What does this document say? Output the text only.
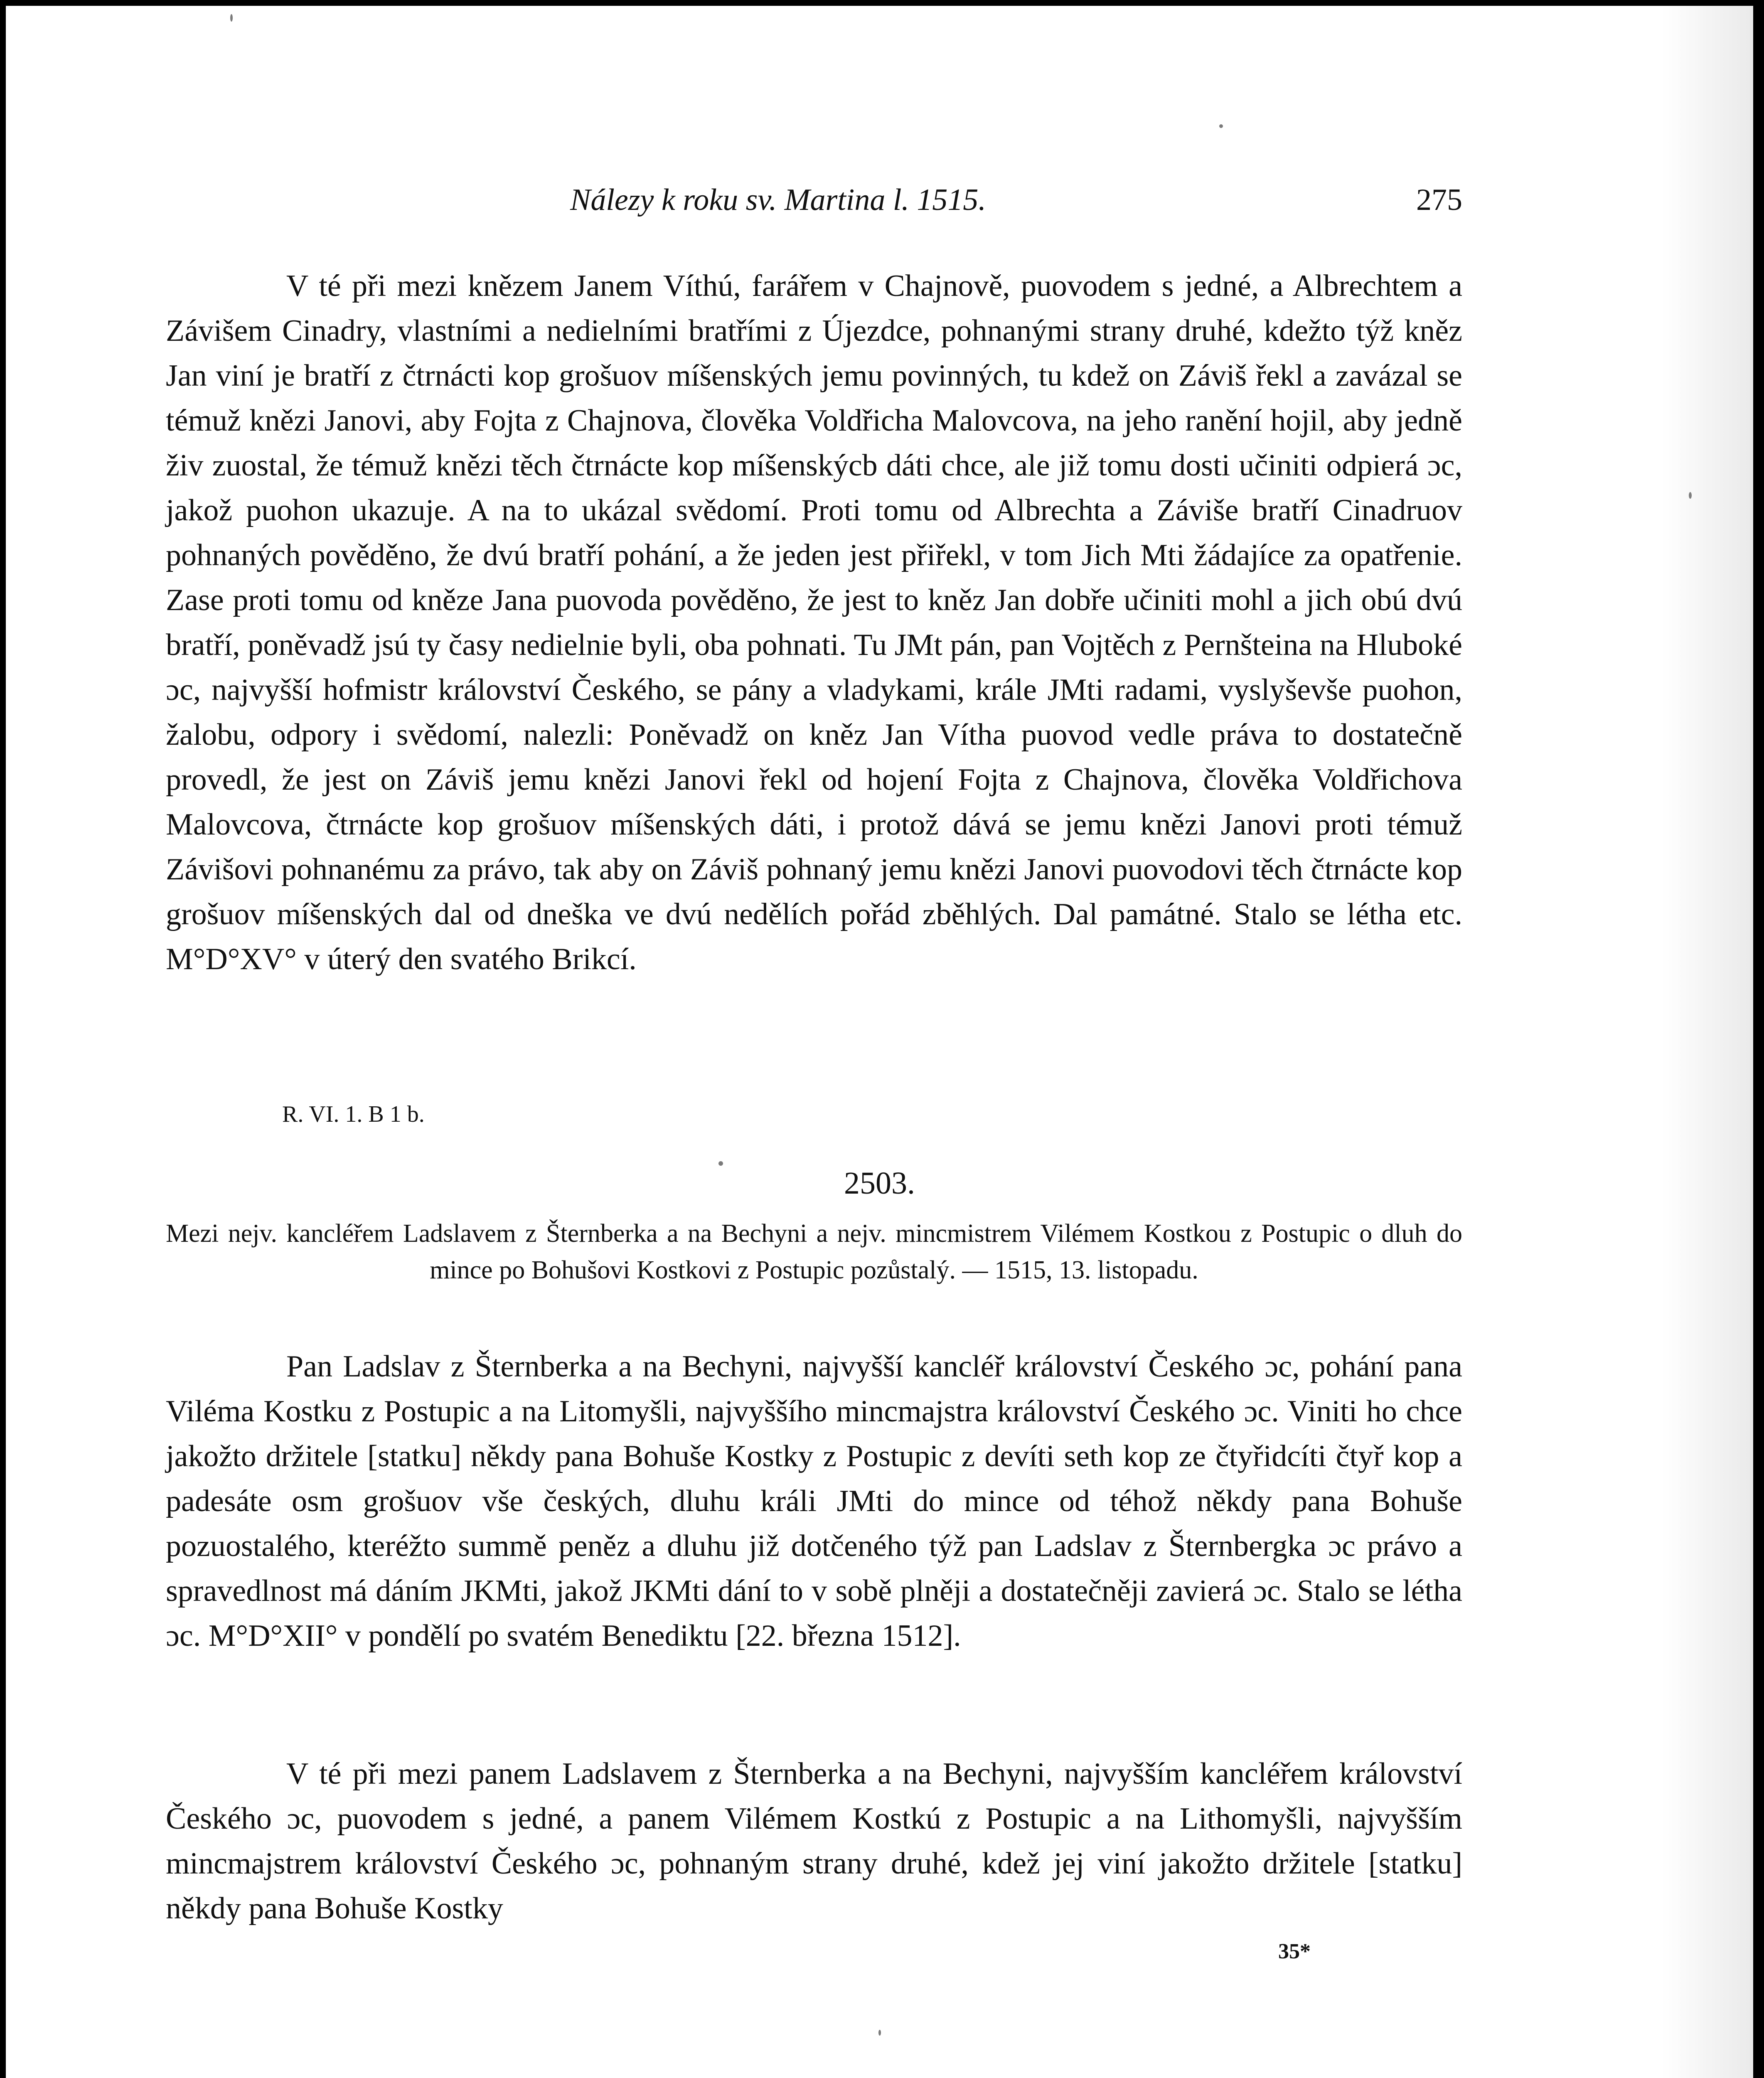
Nálezy k roku sv. Martina l. 1515.	275

V té při mezi knězem Janem Víthú, farářem v Chajnově, puovodem s jedné, a Albrechtem a Závišem Cinadry, vlastními a nedielními bratřími z Újezdce, pohnanými strany druhé, kdežto týž kněz Jan viní je bratří z čtrnácti kop grošuov míšenských jemu povinných, tu kdež on Záviš řekl a zavázal se témuž knězi Janovi, aby Fojta z Chajnova, člověka Voldřicha Malovcova, na jeho ranění hojil, aby jedně živ zuostal, že témuž knězi těch čtrnácte kop míšenskýcb dáti chce, ale již tomu dosti učiniti odpierá ɔc, jakož puohon ukazuje. A na to ukázal svědomí. Proti tomu od Albrechta a Záviše bratří Cinadruov pohnaných pověděno, že dvú bratří pohání, a že jeden jest přiřekl, v tom Jich Mti žádajíce za opatřenie. Zase proti tomu od kněze Jana puovoda pověděno, že jest to kněz Jan dobře učiniti mohl a jich obú dvú bratří, poněvadž jsú ty časy nedielnie byli, oba pohnati. Tu JMt pán, pan Vojtěch z Pernšteina na Hluboké ɔc, najvyšší hofmistr království Českého, se pány a vladykami, krále JMti radami, vyslyševše puohon, žalobu, odpory i svědomí, nalezli: Poněvadž on kněz Jan Vítha puovod vedle práva to dostatečně provedl, že jest on Záviš jemu knězi Janovi řekl od hojení Fojta z Chajnova, člověka Voldřichova Malovcova, čtrnácte kop grošuov míšenských dáti, i protož dává se jemu knězi Janovi proti témuž Závišovi pohnanému za právo, tak aby on Záviš pohnaný jemu knězi Janovi puovodovi těch čtrnácte kop grošuov míšenských dal od dneška ve dvú nedělích pořád zběhlých. Dal památné. Stalo se létha etc. M°D°XV° v úterý den svatého Brikcí.

R. VI. 1. B 1 b.
2503.

Mezi nejv. kancléřem Ladslavem z Šternberka a na Bechyni a nejv. mincmistrem Vilémem Kostkou z Postupic o dluh do mince po Bohušovi Kostkovi z Postupic pozůstalý. — 1515, 13. listopadu.

Pan Ladslav z Šternberka a na Bechyni, najvyšší kancléř království Českého ɔc, pohání pana Viléma Kostku z Postupic a na Litomyšli, najvyššího mincmajstra království Českého ɔc. Viniti ho chce jakožto držitele [statku] někdy pana Bohuše Kostky z Postupic z devíti seth kop ze čtyřidcíti čtyř kop a padesáte osm grošuov vše českých, dluhu králi JMti do mince od téhož někdy pana Bohuše pozuostalého, kteréžto summě peněz a dluhu již dotčeného týž pan Ladslav z Šternbergka ɔc právo a spravedlnost má dáním JKMti, jakož JKMti dání to v sobě plněji a dostatečněji zavierá ɔc. Stalo se létha ɔc. M°D°XII° v pondělí po svatém Benediktu [22. března 1512].

V té při mezi panem Ladslavem z Šternberka a na Bechyni, najvyšším kancléřem království Českého ɔc, puovodem s jedné, a panem Vilémem Kostkú z Postupic a na Lithomyšli, najvyšším mincmajstrem království Českého ɔc, pohnaným strany druhé, kdež jej viní jakožto držitele [statku] někdy pana Bohuše Kostky

35*
